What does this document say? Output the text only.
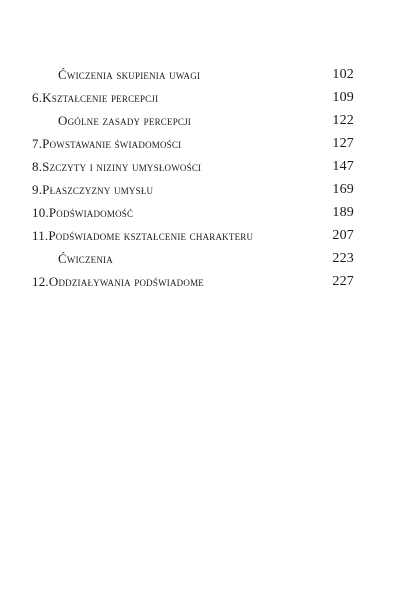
Ćwiczenia skupienia uwagi	102
6.Kształcenie percepcji	109
Ogólne zasady percepcji	122
7.Powstawanie świadomości	127
8.Szczyty i niziny umysłowości	147
9.Płaszczyzny umysłu	169
10.Podświadomość	189
11.Podświadome kształcenie charakteru	207
Ćwiczenia	223
12.Oddziaływania podświadome	227
